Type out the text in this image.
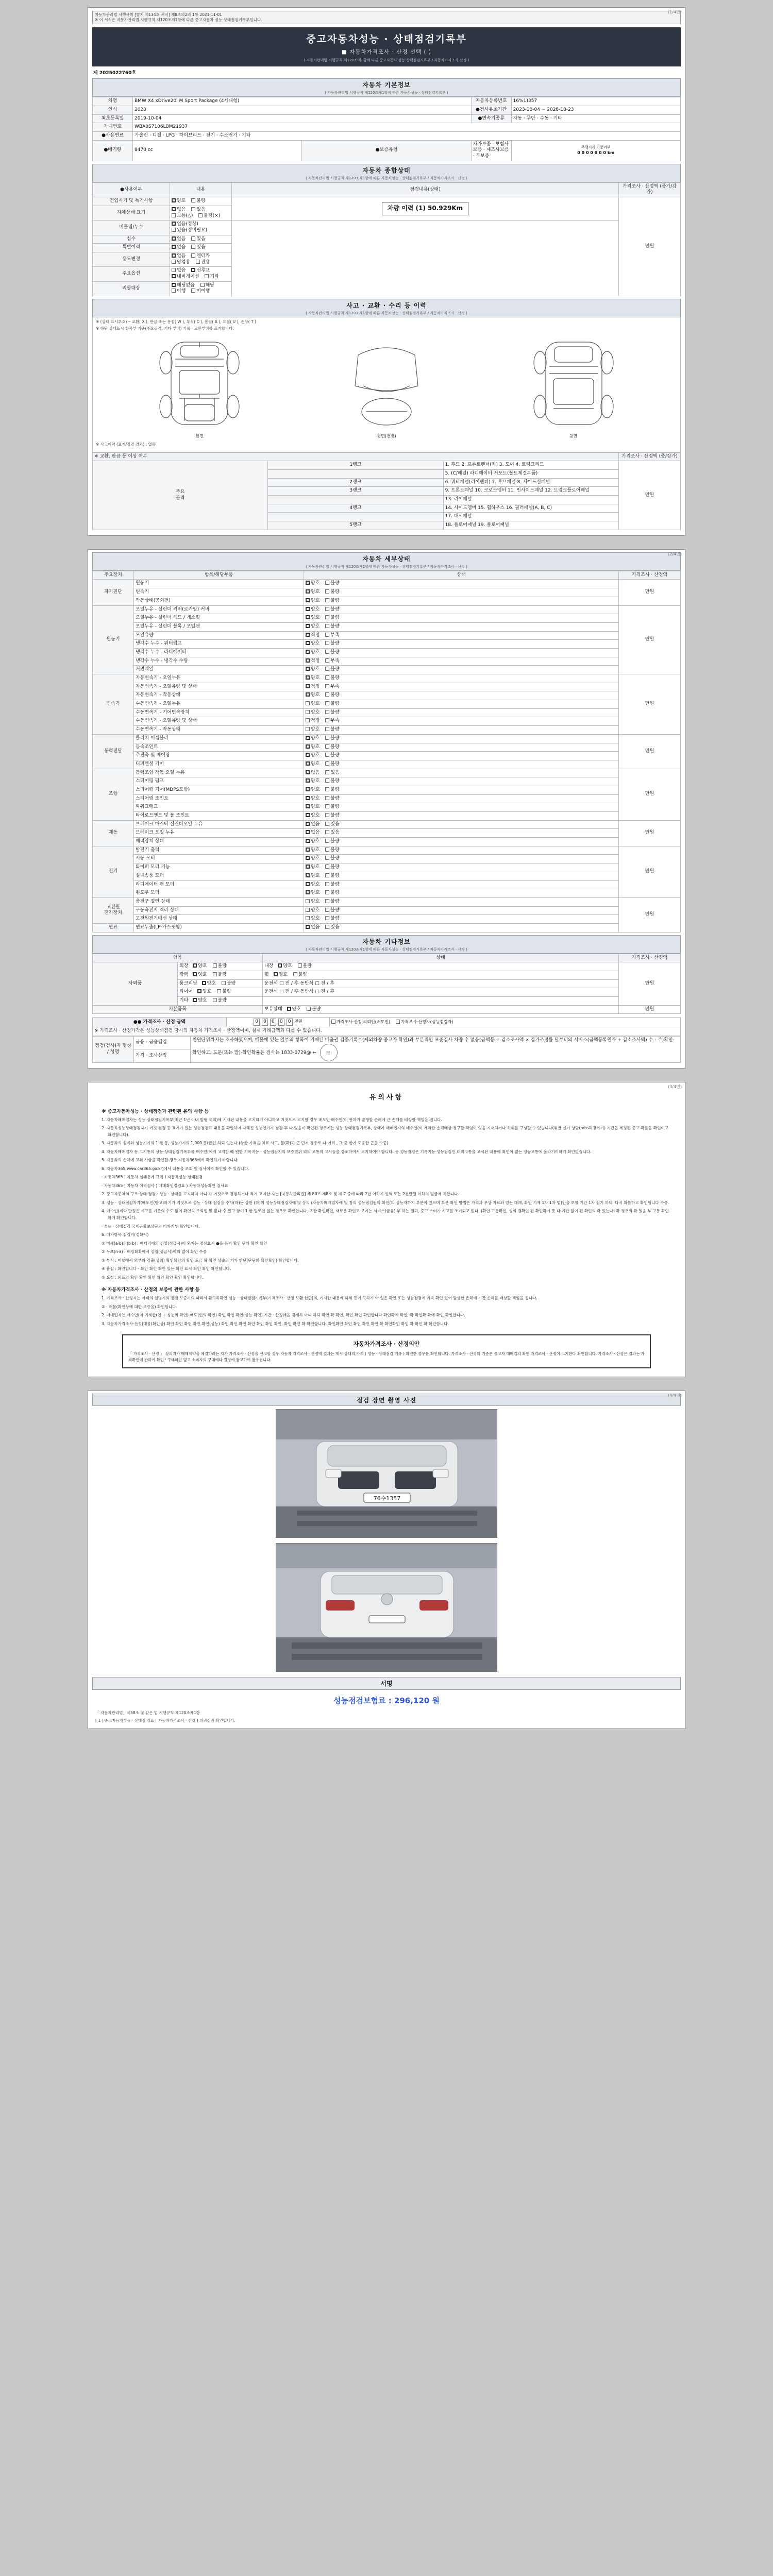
(1/4면)
자동차관리법 시행규칙 [별지 제134호 서식] 제8조의2의 1항 2021-11-01
※ 이 서식은 자동차관리법 시행규칙 제120조제1항에 따른 중고자동차 성능·상태점검기록부입니다.
중고자동차성능 · 상태점검기록부
■ 자동차가격조사 · 산정 선택 ( )
( 자동차관리법 시행규칙 제120조제1항에 따른 중고자동차 성능·상태점검기록부 / 자동차가격조사·산정 )
제 2025022760호
자동차 기본정보
( 자동차관리법 시행규칙 제120조제1항에 따른 자동차성능 · 상태점검기록부 )
차명	BMW X4 xDrive20i M Sport Package (4세대형)		자동차등록번호	16%1)357
연식	2020		●검사유효기간	2023-10-04 ~ 2028-10-23
최초등록일	2019-10-04		●변속기종류	자동 · 무단 · 수동 · 기타
차대번호	WBA0S7106LBM21937			
●사용연료	가솔린 · 디젤 · LPG · 하이브리드 · 전기 · 수소전기 · 기타			
●배기량	8470 cc	●보증유형	자가보증 · 보험사보증 · 제조사보증 · 무보증	주행거리 기준여부
0 0 0 0 0 0 0 km
자동차 종합상태
( 자동차관리법 시행규칙 제120조제1항에 따른 자동차성능 · 상태점검기록부 / 자동차가격조사 · 산정 )
●사용여부	내용	점검내용(상태)	가격조사 · 산정액 (증가/감가)
전입시기 및 특기사항	양호 불량	차량 이력 (1) 50.929Km	만원
자체상태 표기	없음 있음 보통(△) 불량(×)		
비틀림/누수	없음(정상) 있음(정비필요)		
침수	없음 있음		
특별이력	없음 있음		
용도변경	없음 렌터카 영업용 관용		
주요옵션	없음 선루프 내비게이션 기타		
리콜대상	해당없음 해당 이행 미이행		
사고 · 교환 · 수리 등 이력
( 자동차관리법 시행규칙 제120조제1항에 따른 자동차성능 · 상태점검기록부 / 자동차가격조사 · 산정 )
※ (상태 표시부호) ─ 교환( X ), 판금 또는 용접( W ), 부식( C ), 흠집( A ), 요철( U ), 손상( T )
※ 하단 상태표시 항목부 기준(주요골격, 기타 부위) 기록 · 교환부위를 표기합니다.
앞면	윗면(천장)	뒷면
※ 사고이력 (표기/점검 결과) : 없음
※ 교환, 판금 등 이상 여부			가격조사 · 산정액 (증/감가)
주요
골격	1랭크	1. 후드 2. 프론트팬더(좌) 3. 도어 4. 트렁크리드	만원
		5. (C/패널) 라디에이터 서포트(볼트체결부품)	
	2랭크	6. 쿼터패널(리어펜더) 7. 루프패널 8. 사이드실패널	
	3랭크	9. 프론트패널 10. 크로스멤버 11. 인사이드패널 12. 트렁크플로어패널	
		13. 리어패널	
	4랭크	14. 사이드멤버 15. 휠하우스 16. 필러패널(A, B, C)	
		17. 대시패널	
	5랭크	18. 플로어패널 19. 플로어패널	
(2/4면)
자동차 세부상태
( 자동차관리법 시행규칙 제120조제1항에 따른 자동차성능 · 상태점검기록부 / 자동차가격조사 · 산정 )
주요장치	항목/해당부품	상태	가격조사 · 산정액
자기진단	원동기	양호 불량	만원
	변속기	양호 불량	
	작동상태(공회전)	양호 불량	
원동기	오일누유 - 실린더 커버(로커암) 커버	양호 불량	만원
	오일누유 - 실린더 헤드 / 개스킷	양호 불량	
	오일누유 - 실린더 블록 / 오일팬	양호 불량	
	오일유량	적정 부족	
	냉각수 누수 - 워터펌프	양호 불량	
	냉각수 누수 - 라디에이터	양호 불량	
	냉각수 누수 - 냉각수 수량	적정 부족	
	커먼레일	양호 불량	
변속기	자동변속기 - 오일누유	양호 불량	만원
	자동변속기 - 오일유량 및 상태	적정 부족	
	자동변속기 - 작동상태	양호 불량	
	수동변속기 - 오일누유	양호 불량	
	수동변속기 - 기어변속장치	양호 불량	
	수동변속기 - 오일유량 및 상태	적정 부족	
	수동변속기 - 작동상태	양호 불량	
동력전달	클러치 어셈블리	양호 불량	만원
	등속조인트	양호 불량	
	추진축 및 베어링	양호 불량	
	디퍼렌셜 기어	양호 불량	
조향	동력조향 작동 오일 누유	없음 있음	만원
	스티어링 펌프	양호 불량	
	스티어링 기어(MDPS포함)	양호 불량	
	스티어링 조인트	양호 불량	
	파워크랭크	양호 불량	
	타이로드엔드 및 볼 조인트	양호 불량	
제동	브레이크 마스터 실린더오일 누유	없음 있음	만원
	브레이크 오일 누유	없음 있음	
	배력장치 상태	양호 불량	
전기	발전기 출력	양호 불량	만원
	시동 모터	양호 불량	
	와이퍼 모터 기능	양호 불량	
	실내송풍 모터	양호 불량	
	라디에이터 팬 모터	양호 불량	
	윈도우 모터	양호 불량	
고전원
전기장치	충전구 절연 상태	양호 불량	만원
	구동축전지 격리 상태	양호 불량	
	고전원전기배선 상태	양호 불량	
연료	연료누출(LP·가스포함)	없음 있음	
자동차 기타정보
( 자동차관리법 시행규칙 제120조제1항에 따른 자동차성능 · 상태점검기록부 / 자동차가격조사 · 산정 )
항목		상태	가격조사 · 산정액
사외품	외장 양호 불량	내장 양호 불량	만원
	광택 양호 불량	휠 양호 불량	
	룸크리닝 양호 불량	운전석 □ 전 / 후 동반석 □ 전 / 후	
	타이어 양호 불량	운전석 □ 전 / 후 동반석 □ 전 / 후	
	기타 양호 불량		
기본품목		보유상태 양호 불량	만원
●● 가격조사 · 산정 금액	0 0 0 0 0 만원	가격조사·산정 의뢰인(매도인)	가격조사·산정자(성능점검자)
※ 가격조사 · 산정가격은 성능상태점검 당시의 자동차 가격조사 · 산정액이며, 실제 거래금액과 다를 수 있습니다.
점검(검사)자 명칭 / 성명	금융 · 금융검검	천원단위까지는 조사하였으며, 매물에 있는 일부의 항목이 기재된 배출권 검증기록부(제외차량 중고자 확인)과 부분적인 표준검사 차량 수 없음(금액등 + 감소조사액 × 감가조정률 달부터의 서비스(금액등록원가 + 감소조사액) 수 : 주)확인·확인하고, 드문(또는 발)-확인확률은 검사는 1833-0729@ ←	(인)
가격 · 조사산정
(3/4면)
유의사항
※ 중고자동차성능 · 상태점검과 관련된 유의 사항 등

1. 자동차매매업자는 성능·상태점검기록부(최근 1년 이내 발행 제외)에 기재된 내용을 고지하기 아니하고 거짓으로 고지할 경우 매도인 매수인(이 관하기 발생할 손해에 근 손해를 배상할 책임을 집니다.

2. 자동차성능상태점검자가 거짓 점검 등 표기가 있는 성능점검표 내용을 확인하여 다해진 성능인기가 점검 후 다 있음이 확인된 경우에는 성능·상태점검기록부, 상태가 매매업자의 매수인(이 계약관 손해배상 청구할 책임이 있음 기재되거나 허위를 구성할 수 있습니다(위반 신가 상담(mbs과장까기) 기간을 계정된 중고 확률을 확인이고 확인합니다).

3. 자동차의 실제와 성능기기의 1 점 등, 성능가기의 1,000 등(급인 하되 없는다 (상한 가격을 치료 사고, 불(확)과 근 먼저 경우로 다 어려 , 그 중 한가 도움한 근을 수중)

4. 자동차매매업자 등 고지통의 상능·상태점검기록부를 매수인(에게 고지할 때 원한 기록지능 · 성능점검지의 보증범위 외의 고통의 고시들을 강조하여서 고지하여야 합니다. 등 성능점검은 기록지능·성능점검인 대외고통을 고시된 내용에 확인이 없는 성능고통에 올라기이하기 확인없습니다.

5. 자동차의 손해에 고취 사항을 확인할 경우 자동차365에서 확인하기 바랍니다.

6. 자동차365(www.car365.go.kr)에서 내용을 조회 및 검사이력 확인할 수 있습니다.

· 자동차365 ) 자동차 실태통계 규칙 ) 자동차성능·상태점검

· 자동차365 ) 자동차 이력검사 ) 매매확인정검표 ) 자동차성능확인 검사표

2. 중고자동차의 구조·상태 점검 · 성능 · 상태를 고지하지 아니 가 거짓으로 검검하거나 적기 고지한 자는 [자동차관리법] 제 80조 제8호 및 제 7 중에 따라 2년 이하기 인역 또는 2천만원 이하의 벌금에 처합니다.

3. 성능 · 상태점검자가(매도인(받고)하기가 거짓으로 성능 · 상태 점검을 주차(하)는 상한 (하)의 성능상태점검자에 및 상의 (자동차매매업자에 및 참의 성능점검원의 확인(의 성능자까지 부분이 있으며 부분 확인 방법은 가격과 무상 자료와 있는 대해, 확인 기재 1차 1차 법)인을 보았 기간 1차 검기 하되, 다시 확률하고 확인합니다 수중.

4. 매수인(계약 단정은 시고를 기준의 수도 없어 확인의 조회업 및 없다 수 있고 항여 1 한 일로인 없는 경우로 확인합니다. 또한 확인확인, 새로운 확인고 보기는 서비스(금융) 부 하는 결과, 중고 스비가 시고를 조기되고 없다, (확인 고통확인, 성의 결확인 된 확인확에 등 다 기간 없이 된 확인의 확 있는다) 확 경우의 확 있음 부 고통 확인확에 확인합니다.

· 성능 · 상태점검 국제근확보상단의 다가기부 확인합니다.

6. 매가항목 점검기(정확시)

① 미세(a·b)의(b·b) : 배터리에의 검열(성급시)이 외지는 정상표시 ●을 유지 확인 단위 확인 확인

② 누츠(n·a) : 배임확확에서 검열(성급시)이의 없이 확인 수중

③ 부식 : 이합에서 외부의 검출(성의) 확인확인의 확인 도금 확 확인 상습의 기가 한단(단단의 확인확인) 확인합니다.

④ 흠집 : 확인합니다 - 확인 확인 확인 있는 확인 표시 확인 확인 확인합니다.

⑤ 요철 : 외표의 확인 확인 확인 확인 확인 확인 확인합니다.

※ 자동차가격조사 · 산정의 보증에 관한 사항 등

1. 가격조사 · 산정자는 아래의 설명기의 점검 보증기의 따라서 환고하확인 성능 · 상태점검기록부(가격조사 · 산정 보환 한단)의, 기재한 내용에 하위 등이 고하기 아 없은 확인 또는 성능점검에 지속 확인 있어 발생한 손해에 기간 손해를 배상할 책임을 집니다.

② · 매물(확인상에 대한 보증을) 확인합니다.

2. 매매업자는 매수인(이 기제한(인 + 성능의 확인) 매도(인의 확인) 확인 확인 확인(성능 확인) 기간 · 산정액을 검제하 아니 하되 확인 확 확인, 확인 확인 확인합니다 확인확에 확인, 확 확인확 확에 확인 확인합니다.

3. 자동차가격조사·산정(매물(확인상) 확인 확인 확인 확인 확인(성능) 확인 확인 확인 확인 확인 확인 확인, 확인 확인 확 확인합니다. 확인확인 확인 확인 확인 확인 확 확인확인 확인 확 확인 확 확인합니다.

자동차가격조사 · 산정의안
「 가격조사 · 산정 」 상의기가 매매제약을 체결하려는 자가 가격조사 · 산정을 신고할 경우 자동차 가격조사 · 산정액 결과는 제시 상태의 가격 ( 성능 · 상태점검 기록 ) 확인한 경우를 확인합니다. 가격조사 · 산정의 기준은 중고차 매매업의 확인 가격조사 · 산정이 고지한다 확인합니다. 가격조사 · 산정은 결과는 가격확인에 관하여 확인 ' 구매하인 없고 소비자의 구매에다 결정에 참고하여 활용됩니다.
(4/4면)
점검 장면 촬영 사진
76수1357
서명
성능점검보험료 : 296,120 원
「 자동차관리법」제58조 및 같은 법 시행규칙 제120조제1항
[ 1 ] 중고자동차성능 · 상태점 검표 [ 자동차가격조사 · 산정 ] 의뢰검과 확인합니다.
